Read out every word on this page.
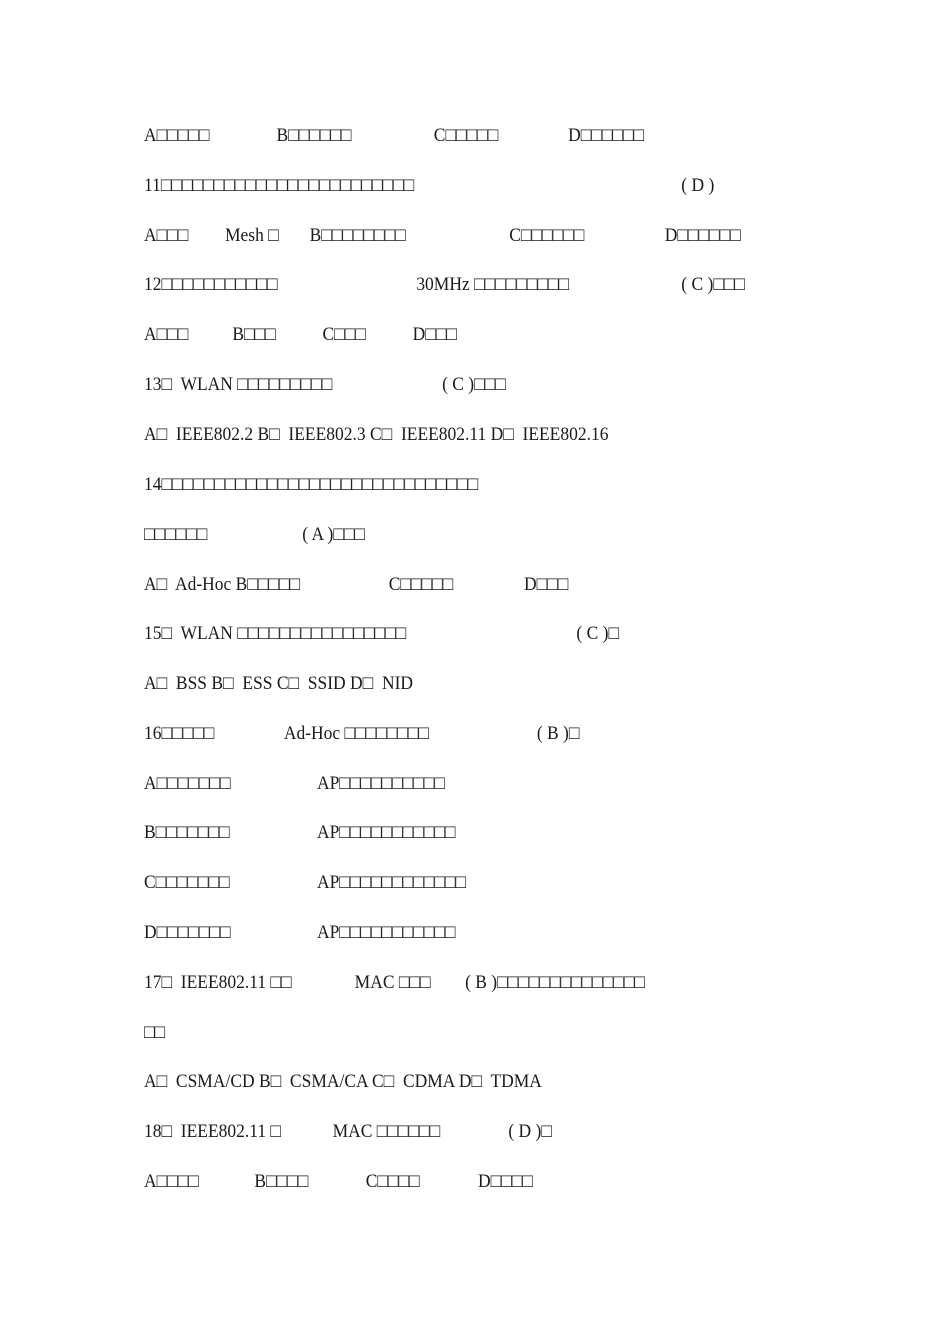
A□□□□□

	B□□□□□□

	C□□□□□

	D□□□□□□

11□□□□□□□□□□□□□□□□□□□□□□□□

	( D )

A□□□

Mesh □

B□□□□□□□□

	C□□□□□□

	D□□□□□□

12□□□□□□□□□□□

	30MHz □□□□□□□□□

	( C )□□□

A□□□

B□□□

C□□□

D□□□

13□  WLAN □□□□□□□□□

	( C )□□□

A□  IEEE802.2 B□  IEEE802.3 C□  IEEE802.11 D□  IEEE802.16

14□□□□□□□□□□□□□□□□□□□□□□□□□□□□□□

□□□□□□

	( A )□□□

A□  Ad-Hoc B□□□□□

	C□□□□□

	D□□□

15□  WLAN □□□□□□□□□□□□□□□□

	( C )□

A□  BSS B□  ESS C□  SSID D□  NID

16□□□□□

	Ad-Hoc □□□□□□□□

	( B )□

A□□□□□□□

	AP□□□□□□□□□□

B□□□□□□□

	AP□□□□□□□□□□□

C□□□□□□□

	AP□□□□□□□□□□□□

D□□□□□□□

	AP□□□□□□□□□□□

17□  IEEE802.11 □□

	MAC □□□

( B )□□□□□□□□□□□□□□

□□

A□  CSMA/CD B□  CSMA/CA C□  CDMA D□  TDMA

18□  IEEE802.11 □

	MAC □□□□□□

	( D )□

A□□□□

	B□□□□

	C□□□□

	D□□□□
